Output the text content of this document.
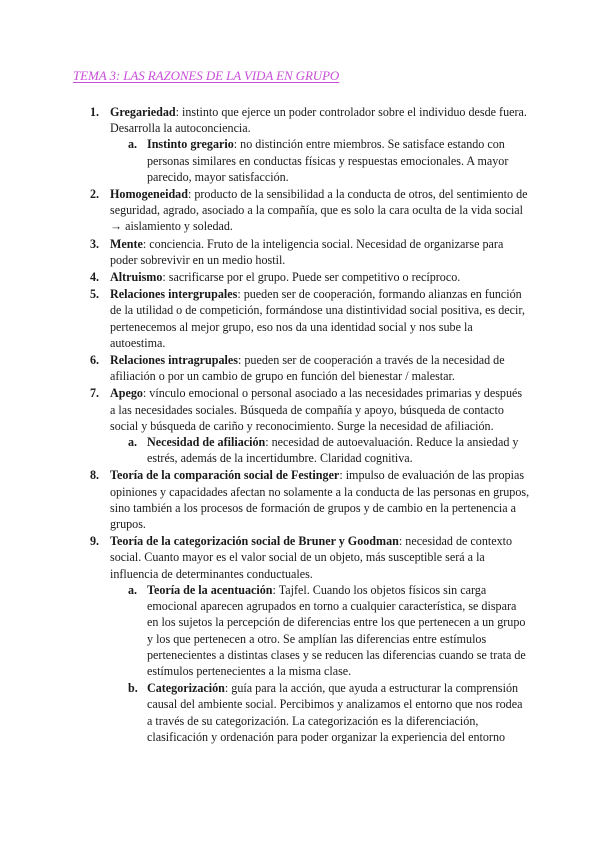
TEMA 3: LAS RAZONES DE LA VIDA EN GRUPO
1. Gregariedad: instinto que ejerce un poder controlador sobre el individuo desde fuera. Desarrolla la autoconciencia.
a. Instinto gregario: no distinción entre miembros. Se satisface estando con personas similares en conductas físicas y respuestas emocionales. A mayor parecido, mayor satisfacción.
2. Homogeneidad: producto de la sensibilidad a la conducta de otros, del sentimiento de seguridad, agrado, asociado a la compañía, que es solo la cara oculta de la vida social → aislamiento y soledad.
3. Mente: conciencia. Fruto de la inteligencia social. Necesidad de organizarse para poder sobrevivir en un medio hostil.
4. Altruismo: sacrificarse por el grupo. Puede ser competitivo o recíproco.
5. Relaciones intergrupales: pueden ser de cooperación, formando alianzas en función de la utilidad o de competición, formándose una distintividad social positiva, es decir, pertenecemos al mejor grupo, eso nos da una identidad social y nos sube la autoestima.
6. Relaciones intragrupales: pueden ser de cooperación a través de la necesidad de afiliación o por un cambio de grupo en función del bienestar / malestar.
7. Apego: vínculo emocional o personal asociado a las necesidades primarias y después a las necesidades sociales. Búsqueda de compañía y apoyo, búsqueda de contacto social y búsqueda de cariño y reconocimiento. Surge la necesidad de afiliación.
a. Necesidad de afiliación: necesidad de autoevaluación. Reduce la ansiedad y estrés, además de la incertidumbre. Claridad cognitiva.
8. Teoría de la comparación social de Festinger: impulso de evaluación de las propias opiniones y capacidades afectan no solamente a la conducta de las personas en grupos, sino también a los procesos de formación de grupos y de cambio en la pertenencia a grupos.
9. Teoría de la categorización social de Bruner y Goodman: necesidad de contexto social. Cuanto mayor es el valor social de un objeto, más susceptible será a la influencia de determinantes conductuales.
a. Teoría de la acentuación: Tajfel. Cuando los objetos físicos sin carga emocional aparecen agrupados en torno a cualquier característica, se dispara en los sujetos la percepción de diferencias entre los que pertenecen a un grupo y los que pertenecen a otro. Se amplían las diferencias entre estímulos pertenecientes a distintas clases y se reducen las diferencias cuando se trata de estímulos pertenecientes a la misma clase.
b. Categorización: guía para la acción, que ayuda a estructurar la comprensión causal del ambiente social. Percibimos y analizamos el entorno que nos rodea a través de su categorización. La categorización es la diferenciación, clasificación y ordenación para poder organizar la experiencia del entorno
